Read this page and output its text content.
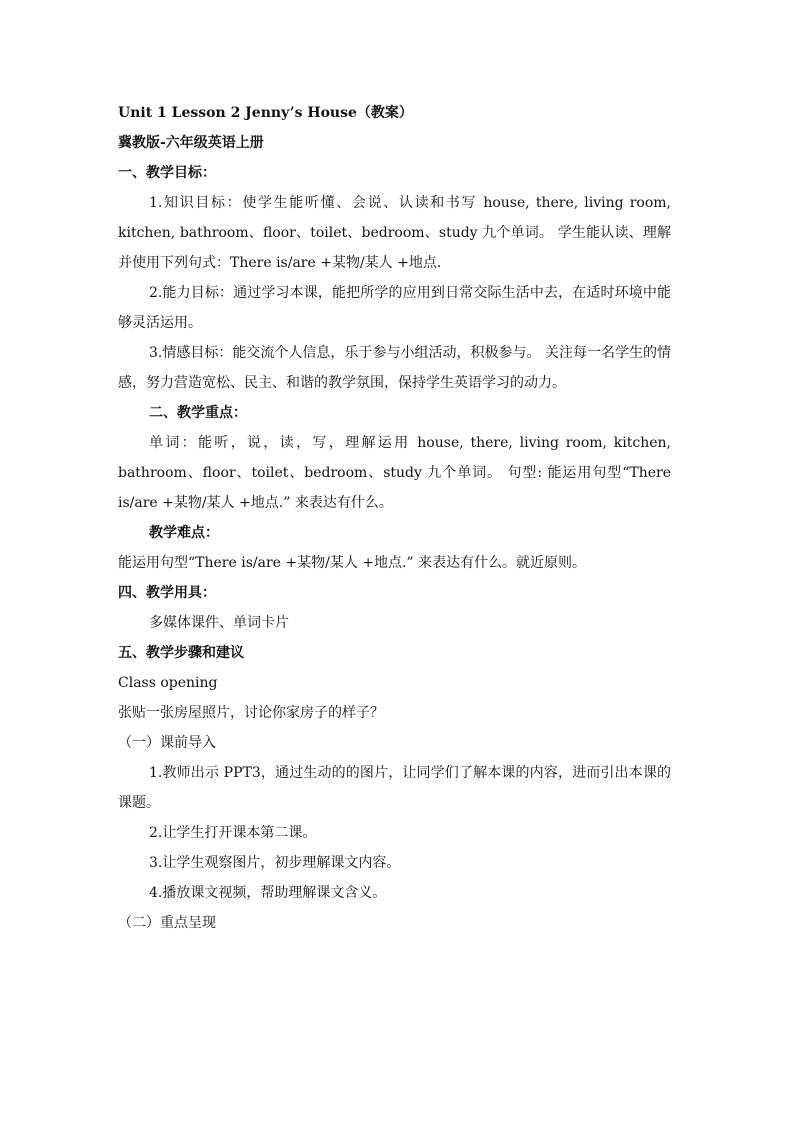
Unit 1 Lesson 2 Jenny’s House（教案）

冀教版-六年级英语上册

一、教学目标：

1.知识目标：使学生能听懂、会说、认读和书写 house, there, living room, kitchen, bathroom、floor、toilet、bedroom、study 九个单词。 学生能认读、理解并使用下列句式：There is/are +某物/某人 +地点.

2.能力目标：通过学习本课，能把所学的应用到日常交际生活中去，在适时环境中能够灵活运用。

3.情感目标：能交流个人信息，乐于参与小组活动，积极参与。 关注每一名学生的情感，努力营造宽松、民主、和谐的教学氛围，保持学生英语学习的动力。

二、教学重点：

单词：能听，说，读，写，理解运用 house, there, living room, kitchen, bathroom、floor、toilet、bedroom、study 九个单词。 句型: 能运用句型“There is/are +某物/某人 +地点.” 来表达有什么。

教学难点：

能运用句型“There is/are +某物/某人 +地点.” 来表达有什么。就近原则。

四、教学用具：

多媒体课件、单词卡片

五、教学步骤和建议

Class opening

张贴一张房屋照片，讨论你家房子的样子？

（一）课前导入

1.教师出示 PPT3，通过生动的的图片，让同学们了解本课的内容，进而引出本课的课题。

2.让学生打开课本第二课。

3.让学生观察图片，初步理解课文内容。

4.播放课文视频，帮助理解课文含义。

（二）重点呈现
